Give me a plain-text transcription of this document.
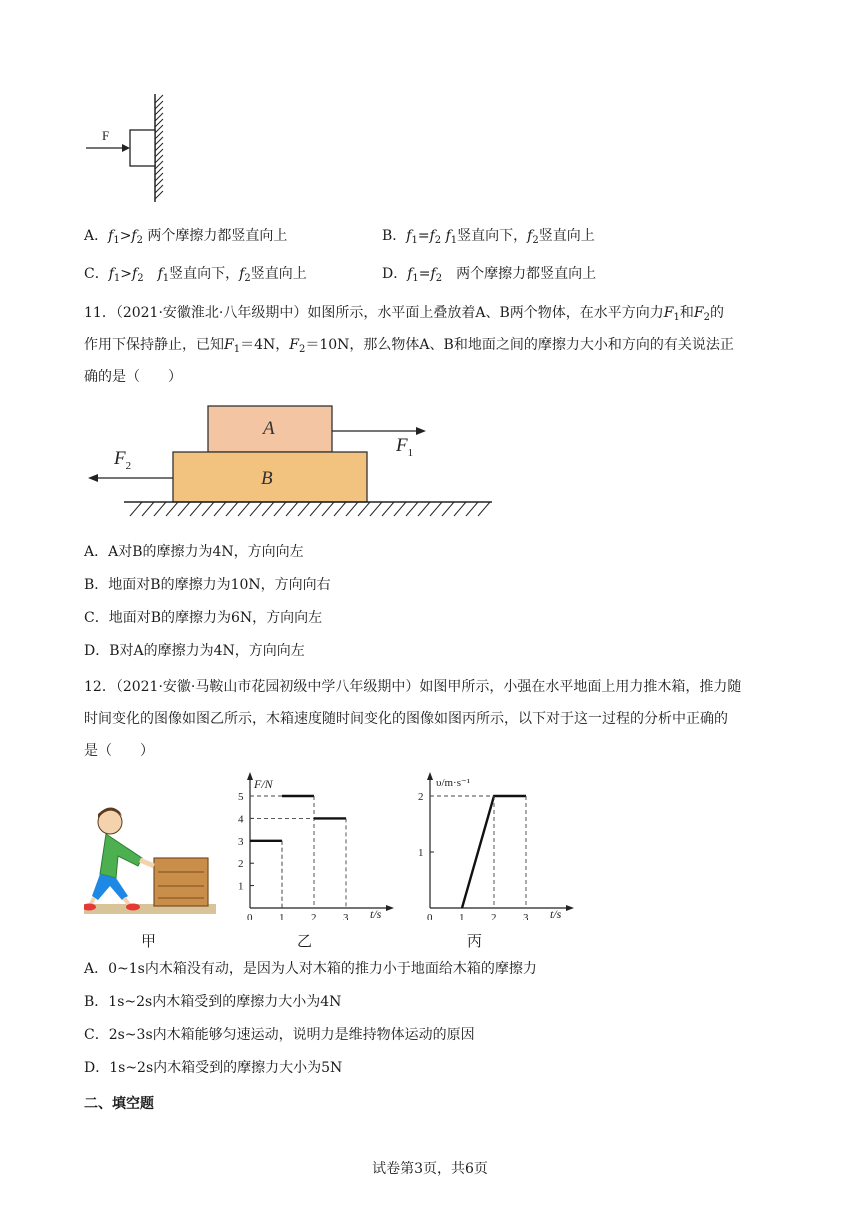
F
A．$f_1>f_2$ 两个摩擦力都竖直向上	B．$f_1=f_2$ $f_1$竖直向下，$f_2$竖直向上
C．$f_1>f_2$　 $f_1$竖直向下，$f_2$竖直向上	D．$f_1=f_2$　 两个摩擦力都竖直向上
11．（2021·安徽淮北·八年级期中）如图所示，水平面上叠放着A、B两个物体，在水平方向力$F_1$和$F_2$的
作用下保持静止，已知$F_1=4N$，$F_2=10N$，那么物体A、B和地面之间的摩擦力大小和方向的有关说法正
确的是（　　）
A
B
$F_1$
$F_2$
A．A对B的摩擦力为4N，方向向左
B．地面对B的摩擦力为10N，方向向右
C．地面对B的摩擦力为6N，方向向左
D．B对A的摩擦力为4N，方向向左
12．（2021·安徽·马鞍山市花园初级中学八年级期中）如图甲所示，小强在水平地面上用力推木箱，推力随
时间变化的图像如图乙所示，木箱速度随时间变化的图像如图丙所示，以下对于这一过程的分析中正确的
是（　　）
甲
F/N
t/s
0 1 2 3
1
2
3
4
5
乙
υ/m·s⁻¹
t/s
0 1 2 3
1
2
丙
A．0~1s内木箱没有动，是因为人对木箱的推力小于地面给木箱的摩擦力
B．1s~2s内木箱受到的摩擦力大小为4N
C．2s~3s内木箱能够匀速运动，说明力是维持物体运动的原因
D．1s~2s内木箱受到的摩擦力大小为5N
二、填空题
试卷第3页，共6页
